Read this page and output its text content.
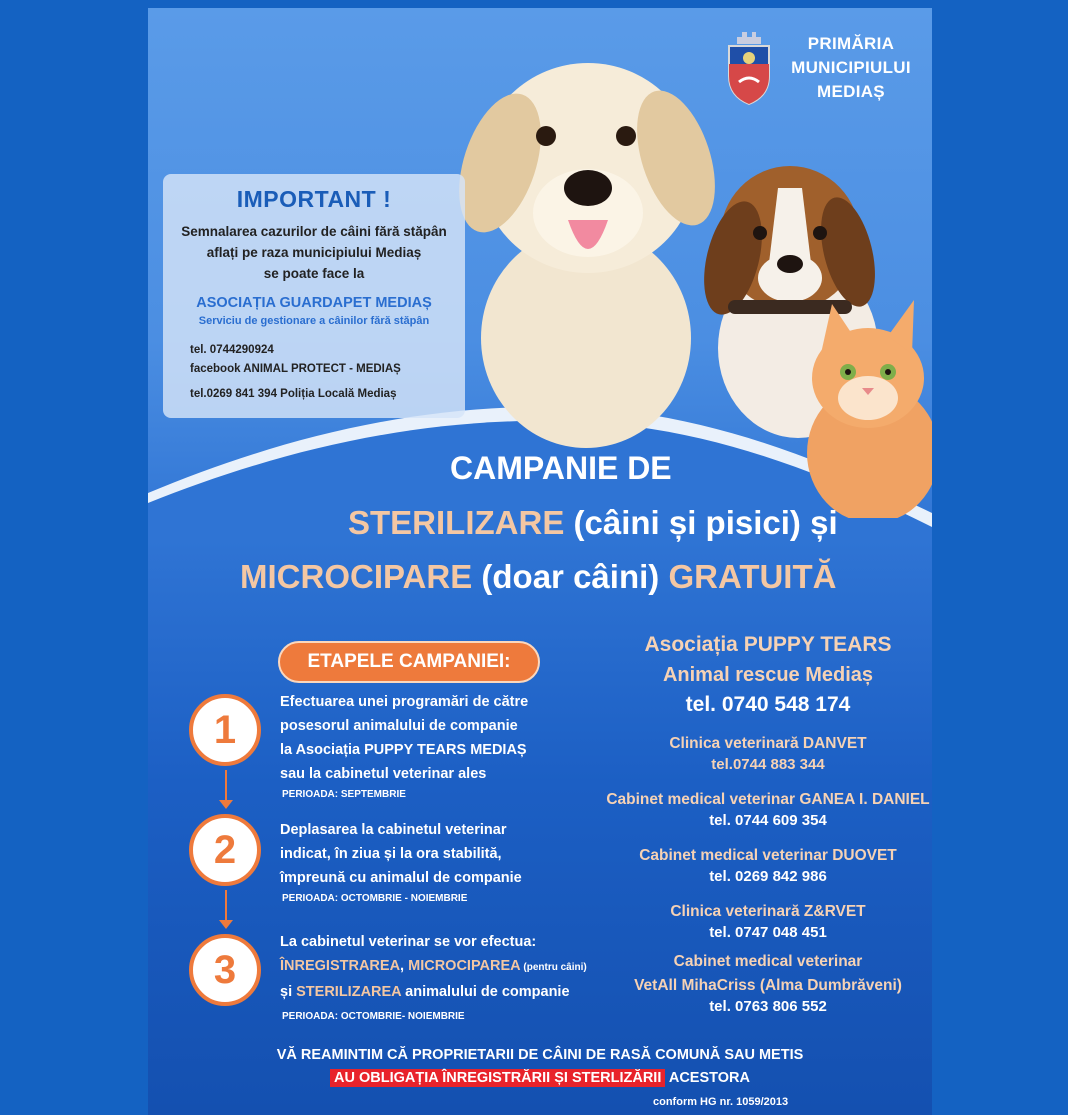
PRIMĂRIA
MUNICIPIULUI
MEDIAȘ
IMPORTANT !
Semnalarea cazurilor de câini fără stăpân
aflați pe raza municipiului Mediaș
se poate face la
ASOCIAȚIA GUARDAPET MEDIAȘ
Serviciu de gestionare a câinilor fără stăpân
tel. 0744290924
facebook ANIMAL PROTECT - MEDIAȘ
tel.0269 841 394 Poliția Locală Mediaș
CAMPANIE DE
STERILIZARE (câini și pisici) și
MICROCIPARE (doar câini) GRATUITĂ
ETAPELE CAMPANIEI:
1
2
3
Efectuarea unei programări de către
posesorul animalului de companie
la Asociația PUPPY TEARS MEDIAȘ
sau la cabinetul veterinar ales
PERIOADA: SEPTEMBRIE
Deplasarea la cabinetul veterinar
indicat, în ziua și la ora stabilită,
împreună cu animalul de companie
PERIOADA: OCTOMBRIE - NOIEMBRIE
La cabinetul veterinar se vor efectua:
ÎNREGISTRAREA, MICROCIPAREA (pentru câini)
și STERILIZAREA animalului de companie
PERIOADA: OCTOMBRIE- NOIEMBRIE
Asociația PUPPY TEARS
Animal rescue Mediaș
tel. 0740 548 174
Clinica veterinară DANVET
tel.0744 883 344
Cabinet medical veterinar GANEA I. DANIEL
tel. 0744 609 354
Cabinet medical veterinar DUOVET
tel. 0269 842 986
Clinica veterinară Z&RVET
tel. 0747 048 451
Cabinet medical veterinar
VetAll MihaCriss (Alma Dumbrăveni)
tel. 0763 806 552
VĂ REAMINTIM CĂ PROPRIETARII DE CÂINI DE RASĂ COMUNĂ SAU METIS
AU OBLIGAȚIA ÎNREGISTRĂRII ȘI STERLIZĂRII ACESTORA
conform HG nr. 1059/2013
